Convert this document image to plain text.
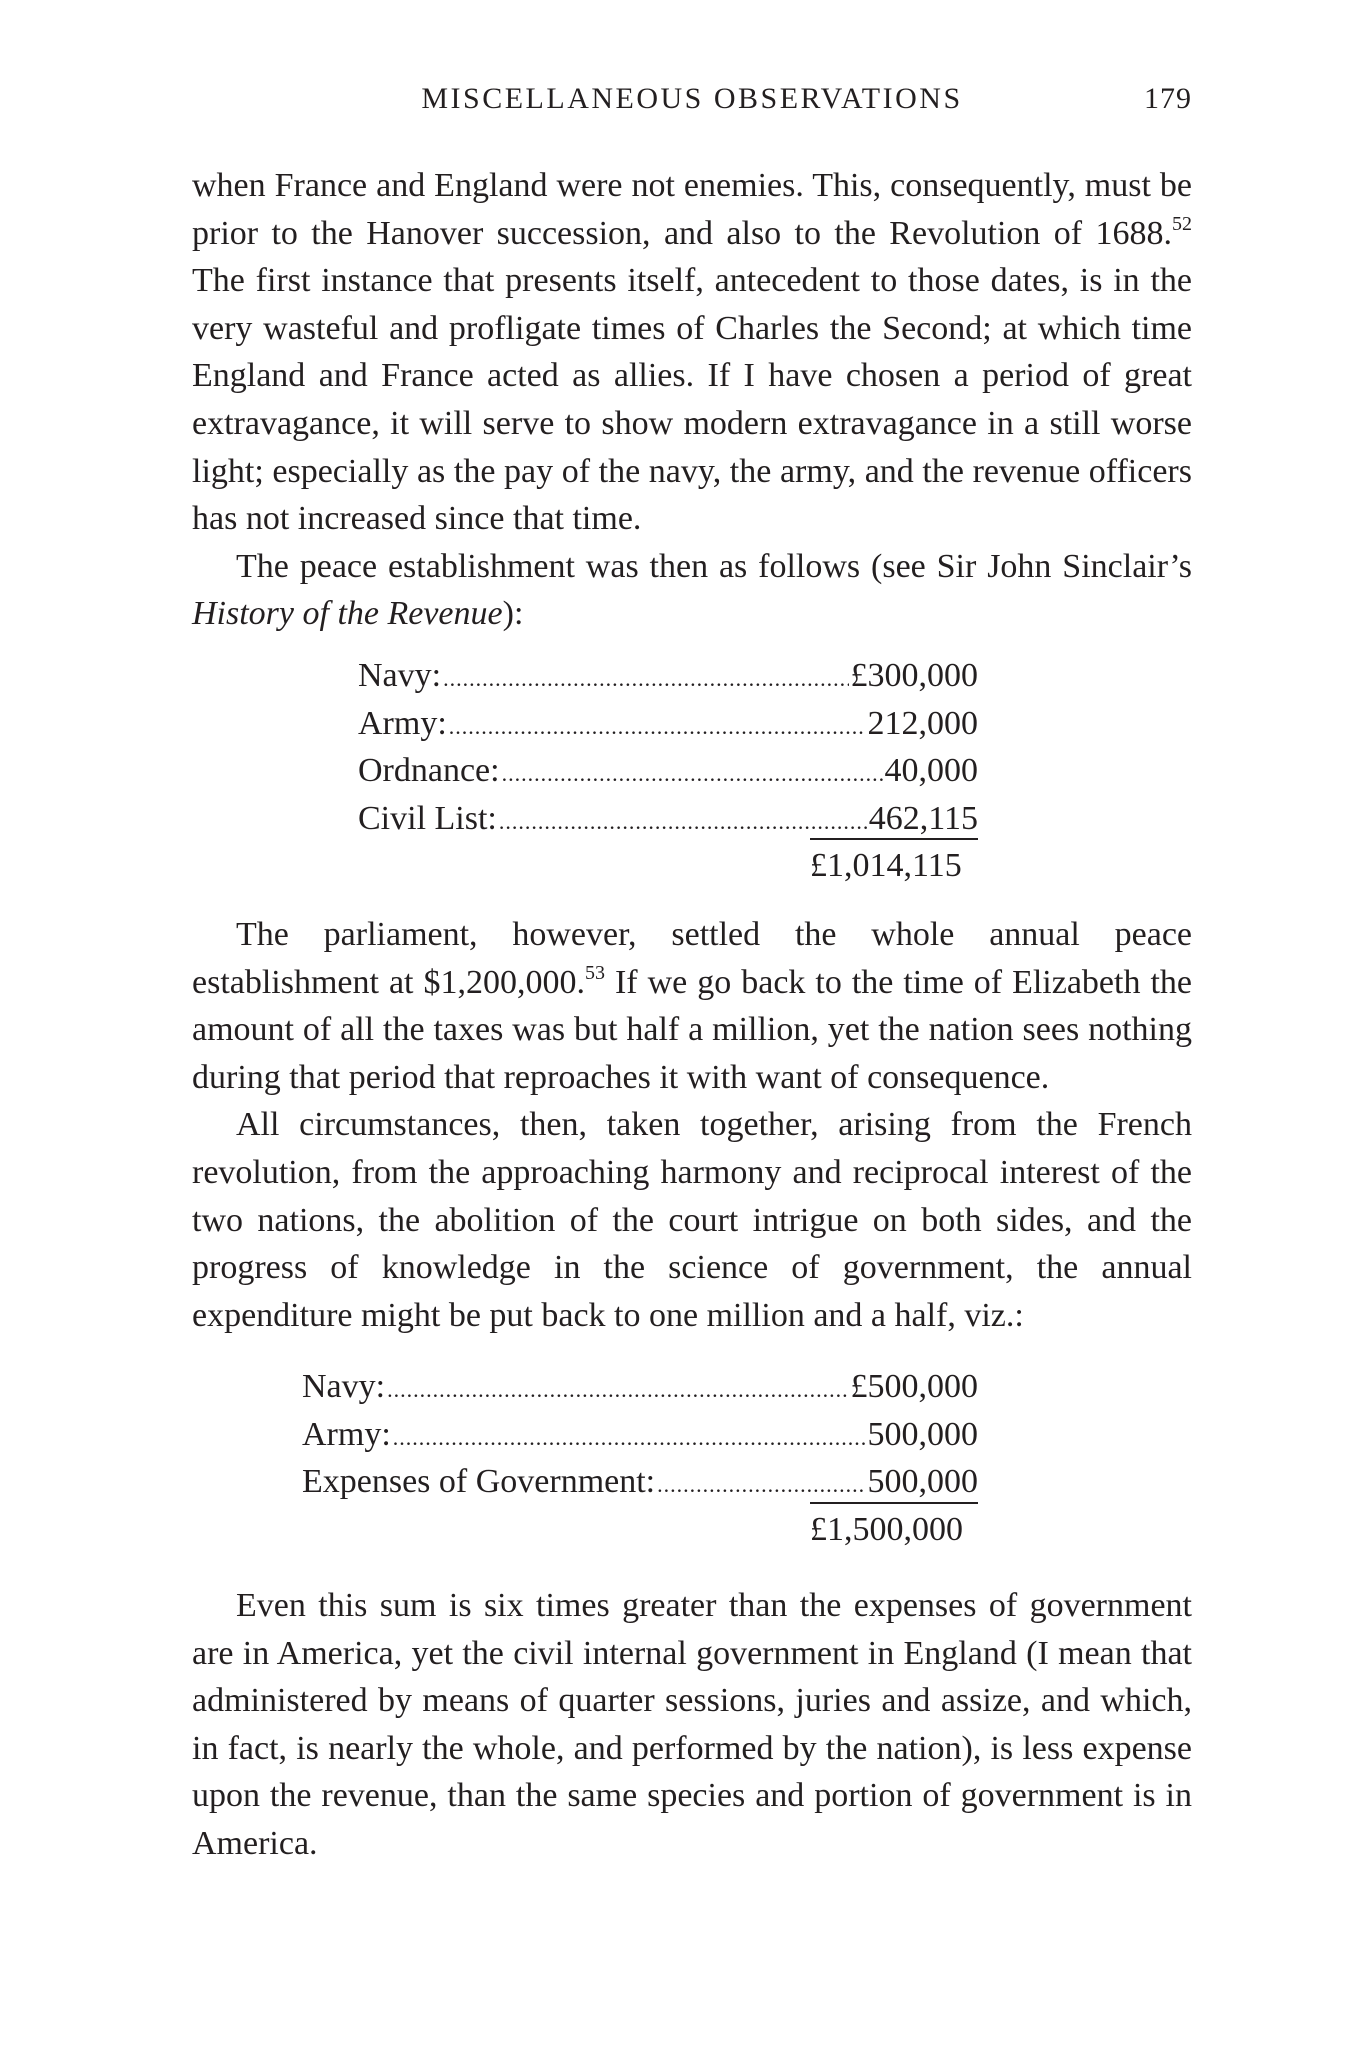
MISCELLANEOUS OBSERVATIONS	179

when France and England were not enemies. This, consequently, must be prior to the Hanover succession, and also to the Revolution of 1688.52 The first instance that presents itself, antecedent to those dates, is in the very wasteful and profligate times of Charles the Second; at which time England and France acted as allies. If I have chosen a period of great extravagance, it will serve to show modern extravagance in a still worse light; especially as the pay of the navy, the army, and the revenue officers has not increased since that time.

The peace establishment was then as follows (see Sir John Sinclair’s History of the Revenue):

Navy: .....	£300,000
Army: .....	212,000
Ordnance: .....	40,000
Civil List: .....	462,115
£1,014,115

The parliament, however, settled the whole annual peace establishment at $1,200,000.53 If we go back to the time of Elizabeth the amount of all the taxes was but half a million, yet the nation sees nothing during that period that reproaches it with want of consequence.

All circumstances, then, taken together, arising from the French revolution, from the approaching harmony and reciprocal interest of the two nations, the abolition of the court intrigue on both sides, and the progress of knowledge in the science of government, the annual expenditure might be put back to one million and a half, viz.:

Navy: .....	£500,000
Army: .....	500,000
Expenses of Government: .....	500,000
£1,500,000

Even this sum is six times greater than the expenses of government are in America, yet the civil internal government in England (I mean that administered by means of quarter sessions, juries and assize, and which, in fact, is nearly the whole, and performed by the nation), is less expense upon the revenue, than the same species and portion of government is in America.
